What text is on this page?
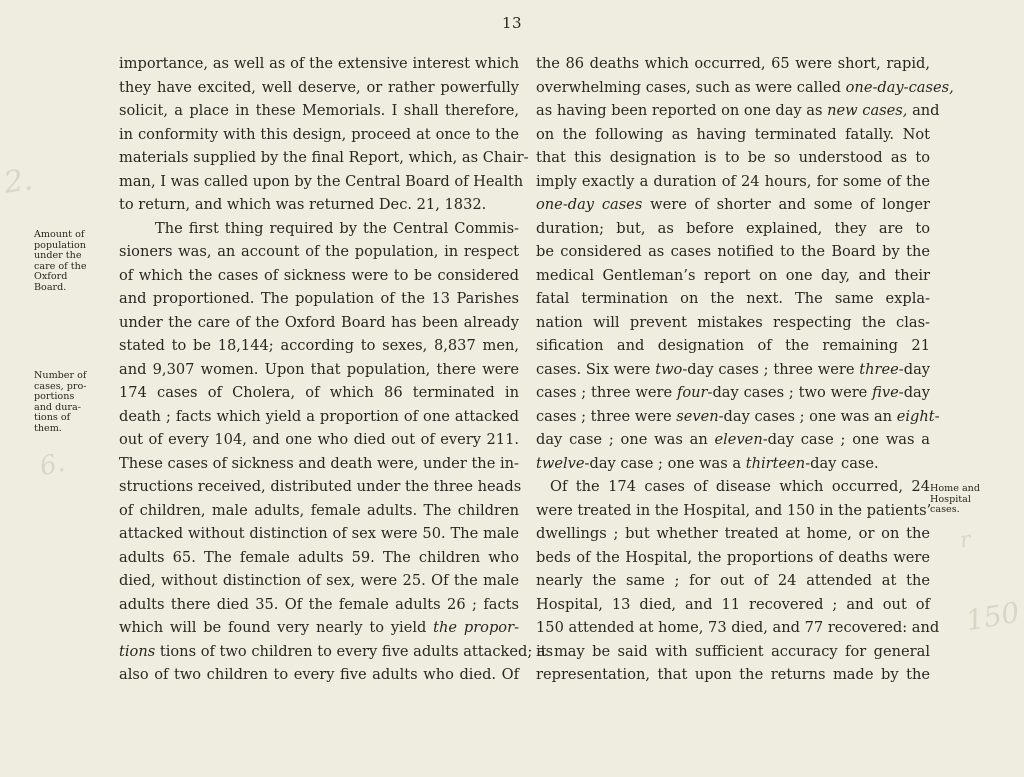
13
2.
6.
150
r
Amount of
population
under the
care of the
Oxford
Board.
Number of
cases, pro-
portions
and dura-
tions of
them.
Home and
Hospital
cases.
importance, as well as of the extensive interest which
they have excited, well deserve, or rather powerfully
solicit, a place in these Memorials. I shall therefore,
in conformity with this design, proceed at once to the
materials supplied by the final Report, which, as Chair-
man, I was called upon by the Central Board of Health
to return, and which was returned Dec. 21, 1832.
The first thing required by the Central Commis-
sioners was, an account of the population, in respect
of which the cases of sickness were to be considered
and proportioned. The population of the 13 Parishes
under the care of the Oxford Board has been already
stated to be 18,144; according to sexes, 8,837 men,
and 9,307 women. Upon that population, there were
174 cases of Cholera, of which 86 terminated in
death ; facts which yield a proportion of one attacked
out of every 104, and one who died out of every 211.
These cases of sickness and death were, under the in-
structions received, distributed under the three heads
of children, male adults, female adults. The children
attacked without distinction of sex were 50. The male
adults 65. The female adults 59. The children who
died, without distinction of sex, were 25. Of the male
adults there died 35. Of the female adults 26 ; facts
which will be found very nearly to yield the propor-
tions tions of two children to every five adults attacked; as
also of two children to every five adults who died. Of
the 86 deaths which occurred, 65 were short, rapid,
overwhelming cases, such as were called one-day-cases,
as having been reported on one day as new cases, and
on the following as having terminated fatally. Not
that this designation is to be so understood as to
imply exactly a duration of 24 hours, for some of the
one-day cases were of shorter and some of longer
duration; but, as before explained, they are to
be considered as cases notified to the Board by the
medical Gentleman’s report on one day, and their
fatal termination on the next. The same expla-
nation will prevent mistakes respecting the clas-
sification and designation of the remaining 21
cases. Six were two-day cases ; three were three-day
cases ; three were four-day cases ; two were five-day
cases ; three were seven-day cases ; one was an eight-
day case ; one was an eleven-day case ; one was a
twelve-day case ; one was a thirteen-day case.
Of the 174 cases of disease which occurred, 24
were treated in the Hospital, and 150 in the patients’
dwellings ; but whether treated at home, or on the
beds of the Hospital, the proportions of deaths were
nearly the same ; for out of 24 attended at the
Hospital, 13 died, and 11 recovered ; and out of
150 attended at home, 73 died, and 77 recovered: and
it may be said with sufficient accuracy for general
representation, that upon the returns made by the
